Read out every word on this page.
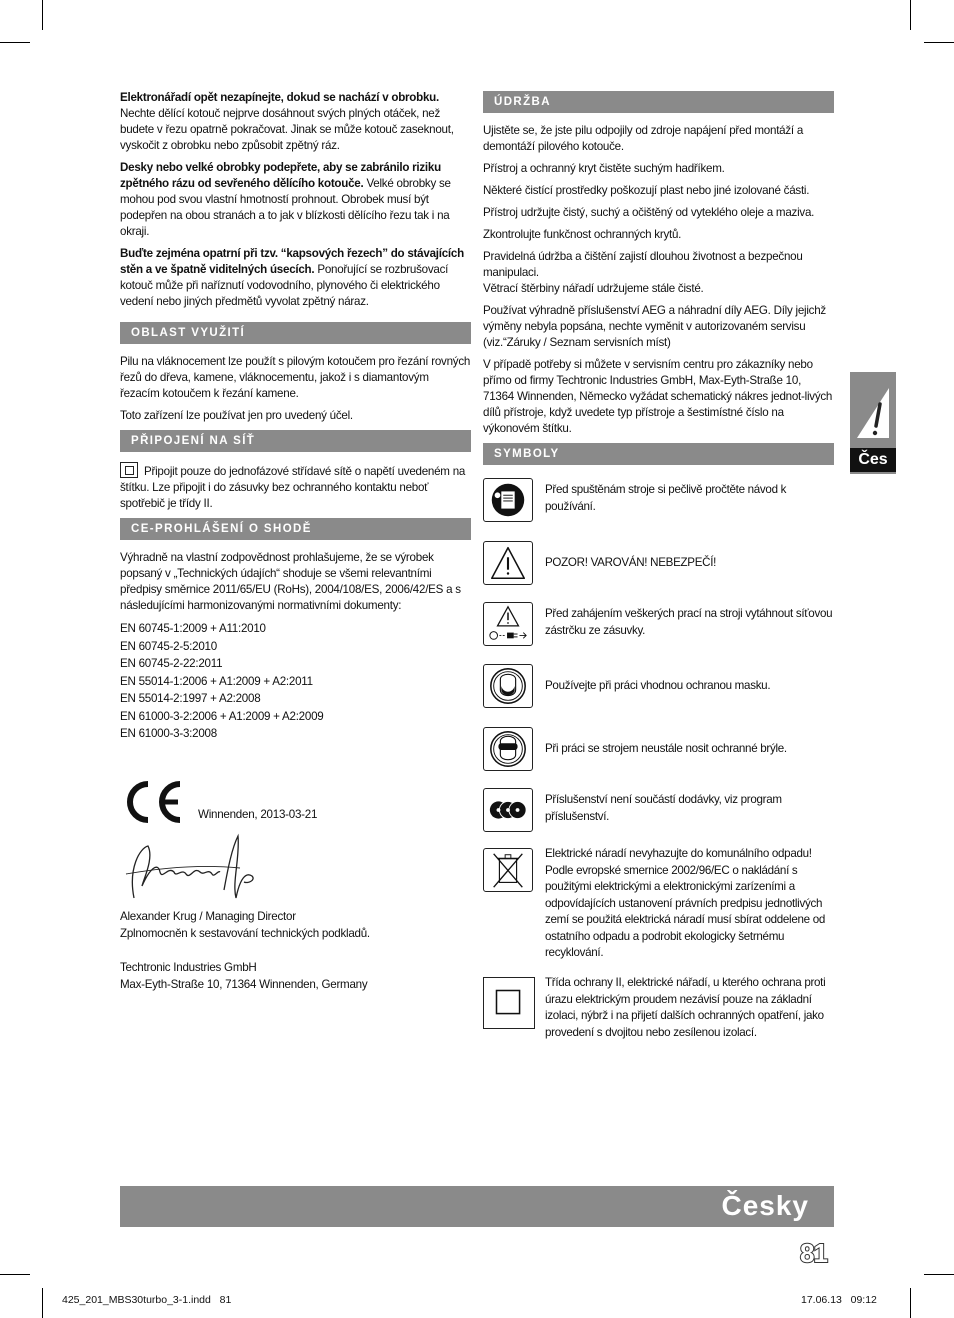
Elektronářadí opět nezapínejte, dokud se nachází v obrobku. Nechte dělící kotouč nejprve dosáhnout svých plných otáček, než budete v řezu opatrně pokračovat. Jinak se může kotouč zaseknout, vyskočit z obrobku nebo způsobit zpětný ráz.

Desky nebo velké obrobky podepřete, aby se zabránilo riziku zpětného rázu od sevřeného dělícího kotouče. Velké obrobky se mohou pod svou vlastní hmotností prohnout. Obrobek musí být podepřen na obou stranách a to jak v blízkosti dělícího řezu tak i na okraji.

Buďte zejména opatrní při tzv. “kapsových řezech” do stávajících stěn a ve špatně viditelných úsecích. Ponořující se rozbrušovací kotouč může při naříznutí vodovodního, plynového či elektrického vedení nebo jiných předmětů vyvolat zpětný náraz.

OBLAST VYUŽITÍ

Pilu na vláknocement lze použít s pilovým kotoučem pro řezání rovných řezů do dřeva, kamene, vláknocementu, jakož i s diamantovým řezacím kotoučem k řezání kamene.

Toto zařízení lze používat jen pro uvedený účel.

PŘIPOJENÍ NA SÍŤ

Připojit pouze do jednofázové střídavé sítě o napětí uvedeném na štítku. Lze připojit i do zásuvky bez ochranného kontaktu neboť spotřebič je třídy II.

CE-PROHLÁŠENÍ O SHODĚ

Výhradně na vlastní zodpovědnost prohlašujeme, že se výrobek popsaný v „Technických údajích“ shoduje se všemi relevantními předpisy směrnice 2011/65/EU (RoHs), 2004/108/ES, 2006/42/ES a s následujícími harmonizovanými normativními dokumenty:

EN 60745-1:2009 + A11:2010
EN 60745-2-5:2010
EN 60745-2-22:2011
EN 55014-1:2006 + A1:2009 + A2:2011
EN 55014-2:1997 + A2:2008
EN 61000-3-2:2006 + A1:2009 + A2:2009
EN 61000-3-3:2008
Winnenden, 2013-03-21
Alexander Krug / Managing Director
Zplnomocněn k sestavování technických podkladů.
Techtronic Industries GmbH
Max-Eyth-Straße 10, 71364 Winnenden, Germany
ÚDRŽBA

Ujistěte se, že jste pilu odpojily od zdroje napájení před montáží a demontáží pilového kotouče.

Přístroj a ochranný kryt čistěte suchým hadříkem.

Některé čistící prostředky poškozují plast nebo jiné izolované části.

Přístroj udržujte čistý, suchý a očištěný od vyteklého oleje a maziva.

Zkontrolujte funkčnost ochranných krytů.

Pravidelná údržba a čištění zajistí dlouhou životnost a bezpečnou manipulaci.
Větrací štěrbiny nářadí udržujeme stále čisté.

Používat výhradně příslušenství AEG a náhradní díly AEG. Díly jejichž výměny nebyla popsána, nechte vyměnit v autorizovaném servisu (viz.“Záruky / Seznam servisních míst)

V případě potřeby si můžete v servisním centru pro zákazníky nebo přímo od firmy Techtronic Industries GmbH, Max-Eyth-Straße 10, 71364 Winnenden, Německo vyžádat schematický nákres jednot-livých dílů přístroje, když uvedete typ přístroje a šestimístné číslo na výkonovém štítku.

SYMBOLY
Před spuštěnám stroje si pečlivě pročtěte návod k používání.
POZOR! VAROVÁN! NEBEZPEČÍ!
Před zahájením veškerých prací na stroji vytáhnout síťovou zástrčku ze zásuvky.
Používejte při práci vhodnou ochranou masku.
Při práci se strojem neustále nosit ochranné brýle.
Příslušenství není součástí dodávky, viz program příslušenství.
Elektrické náradí nevyhazujte do komunálního odpadu! Podle evropské smernice 2002/96/EC o nakládání s použitými elektrickými a elektronickými zarízeními a odpovídajících ustanovení právních predpisu jednotlivých zemí se použitá elektrická náradí musí sbírat oddelene od ostatního odpadu a podrobit ekologicky šetrnému recyklování.
Třída ochrany II, elektrické nářadí, u kterého ochrana proti úrazu elektrickým proudem nezávisí pouze na základní izolaci, nýbrž i na přijetí dalších ochranných opatření, jako provedení s dvojitou nebo zesílenou izolací.
Čes
Česky
81
425_201_MBS30turbo_3-1.indd   81	17.06.13   09:12
